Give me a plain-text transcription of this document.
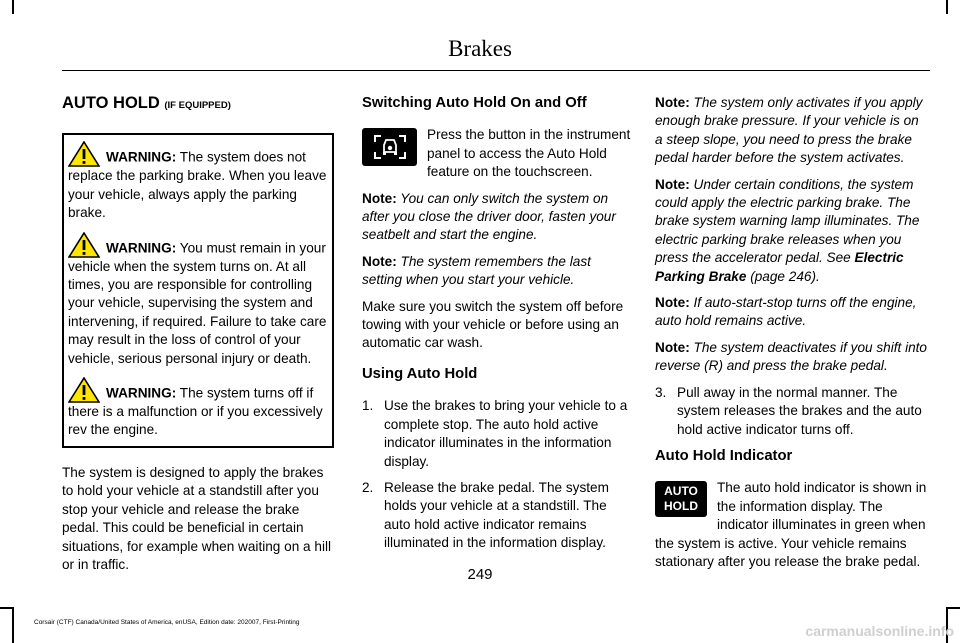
Brakes
AUTO HOLD (IF EQUIPPED)

WARNING: The system does not replace the parking brake. When you leave your vehicle, always apply the parking brake.

WARNING: You must remain in your vehicle when the system turns on. At all times, you are responsible for controlling your vehicle, supervising the system and intervening, if required. Failure to take care may result in the loss of control of your vehicle, serious personal injury or death.

WARNING: The system turns off if there is a malfunction or if you excessively rev the engine.

The system is designed to apply the brakes to hold your vehicle at a standstill after you stop your vehicle and release the brake pedal. This could be beneficial in certain situations, for example when waiting on a hill or in traffic.

Switching Auto Hold On and Off

Press the button in the instrument panel to access the Auto Hold feature on the touchscreen.

Note: You can only switch the system on after you close the driver door, fasten your seatbelt and start the engine.

Note: The system remembers the last setting when you start your vehicle.

Make sure you switch the system off before towing with your vehicle or before using an automatic car wash.

Using Auto Hold
1. Use the brakes to bring your vehicle to a complete stop. The auto hold active indicator illuminates in the information display.
2. Release the brake pedal. The system holds your vehicle at a standstill. The auto hold active indicator remains illuminated in the information display.

Note: The system only activates if you apply enough brake pressure. If your vehicle is on a steep slope, you need to press the brake pedal harder before the system activates.

Note: Under certain conditions, the system could apply the electric parking brake. The brake system warning lamp illuminates. The electric parking brake releases when you press the accelerator pedal. See Electric Parking Brake (page 246).

Note: If auto-start-stop turns off the engine, auto hold remains active.

Note: The system deactivates if you shift into reverse (R) and press the brake pedal.

3. Pull away in the normal manner. The system releases the brakes and the auto hold active indicator turns off.
Auto Hold Indicator
AUTO
HOLD

The auto hold indicator is shown in the information display. The indicator illuminates in green when the system is active. Your vehicle remains stationary after you release the brake pedal.

249
Corsair (CTF) Canada/United States of America, enUSA, Edition date: 202007, First-Printing
carmanualsonline.info
